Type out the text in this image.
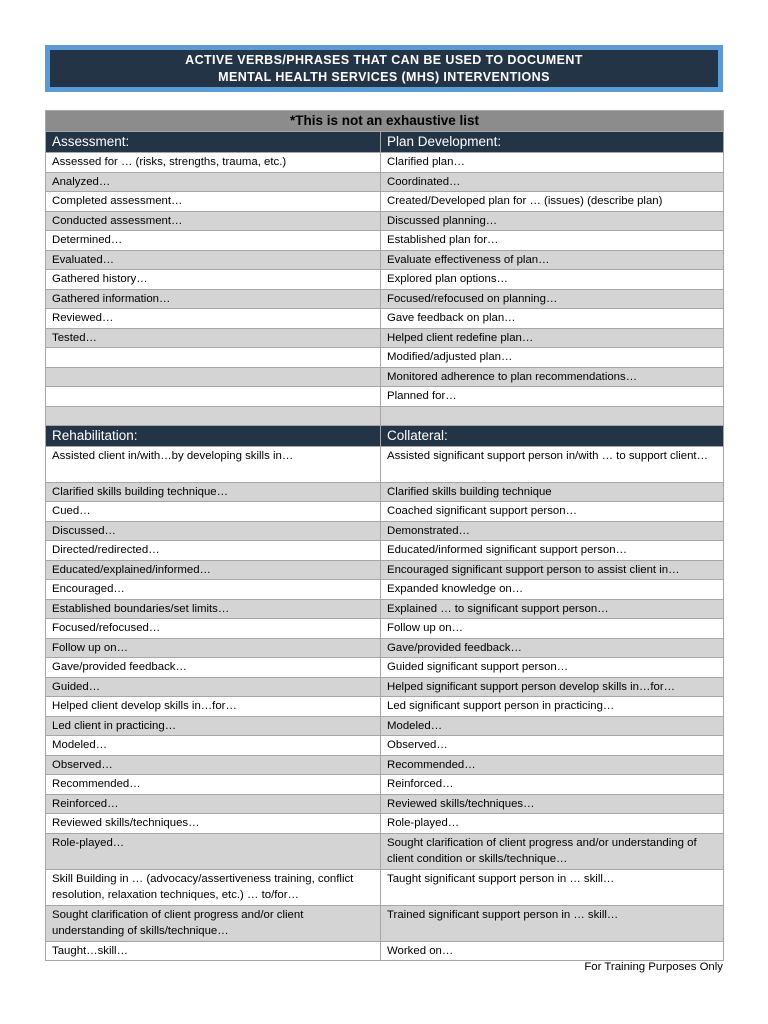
ACTIVE VERBS/PHRASES THAT CAN BE USED TO DOCUMENT
MENTAL HEALTH SERVICES (MHS) INTERVENTIONS
*This is not an exhaustive list	
Assessment:	Plan Development:
Assessed for … (risks, strengths, trauma, etc.)	Clarified plan…
Analyzed…	Coordinated…
Completed assessment…	Created/Developed plan for … (issues) (describe plan)
Conducted assessment…	Discussed planning…
Determined…	Established plan for…
Evaluated…	Evaluate effectiveness of plan…
Gathered history…	Explored plan options…
Gathered information…	Focused/refocused on planning…
Reviewed…	Gave feedback on plan…
Tested…	Helped client redefine plan…
	Modified/adjusted plan…
	Monitored adherence to plan recommendations…
	Planned for…

Rehabilitation:	Collateral:
Assisted client in/with…by developing skills in…	Assisted significant support person in/with … to support client…
Clarified skills building technique…	Clarified skills building technique
Cued…	Coached significant support person…
Discussed…	Demonstrated…
Directed/redirected…	Educated/informed significant support person…
Educated/explained/informed…	Encouraged significant support person to assist client in…
Encouraged…	Expanded knowledge on…
Established boundaries/set limits…	Explained … to significant support person…
Focused/refocused…	Follow up on…
Follow up on…	Gave/provided feedback…
Gave/provided feedback…	Guided significant support person…
Guided…	Helped significant support person develop skills in…for…
Helped client develop skills in…for…	Led significant support person in practicing…
Led client in practicing…	Modeled…
Modeled…	Observed…
Observed…	Recommended…
Recommended…	Reinforced…
Reinforced…	Reviewed skills/techniques…
Reviewed skills/techniques…	Role-played…
Role-played…	Sought clarification of client progress and/or understanding of client condition or skills/technique…
Skill Building in … (advocacy/assertiveness training, conflict resolution, relaxation techniques, etc.) … to/for…	Taught significant support person in … skill…
Sought clarification of client progress and/or client understanding of skills/technique…	Trained significant support person in … skill…
Taught…skill…	Worked on…
For Training Purposes Only
